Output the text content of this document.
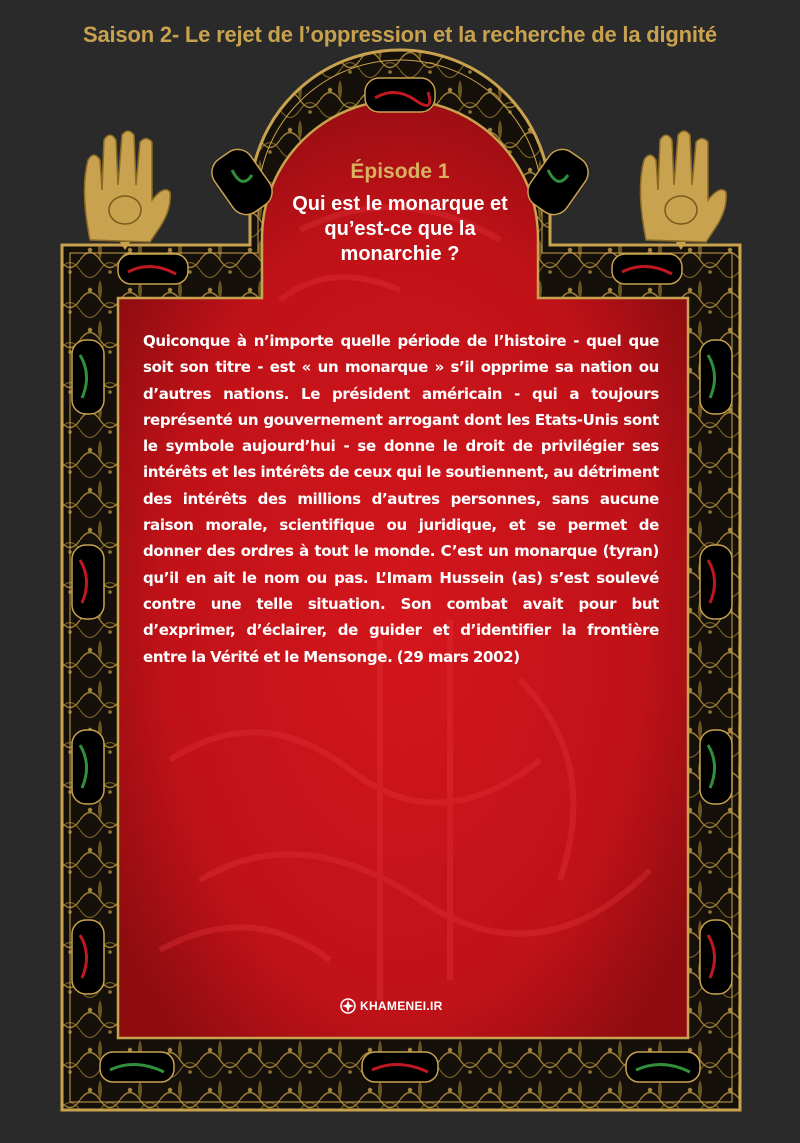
Saison 2- Le rejet de l’oppression et la recherche de la dignité
Épisode 1
Qui est le monarque et
qu’est-ce que la
monarchie ?
Quiconque à n’importe quelle période de l’histoire - quel que soit son titre - est « un monarque » s’il opprime sa nation ou d’autres nations. Le président américain - qui a toujours représenté un gouvernement arrogant dont les Etats-Unis sont le symbole aujourd’hui - se donne le droit de privilégier ses intérêts et les intérêts de ceux qui le soutiennent, au détriment des intérêts des millions d’autres personnes, sans aucune raison morale, scientifique ou juridique, et se permet de donner des ordres à tout le monde. C’est un monarque (tyran) qu’il en ait le nom ou pas. L’Imam Hussein (as) s’est soulevé contre une telle situation. Son combat avait pour but d’exprimer, d’éclairer, de guider et d’identifier la frontière entre la Vérité et le Mensonge. (29 mars 2002)
KHAMENEI.IR
